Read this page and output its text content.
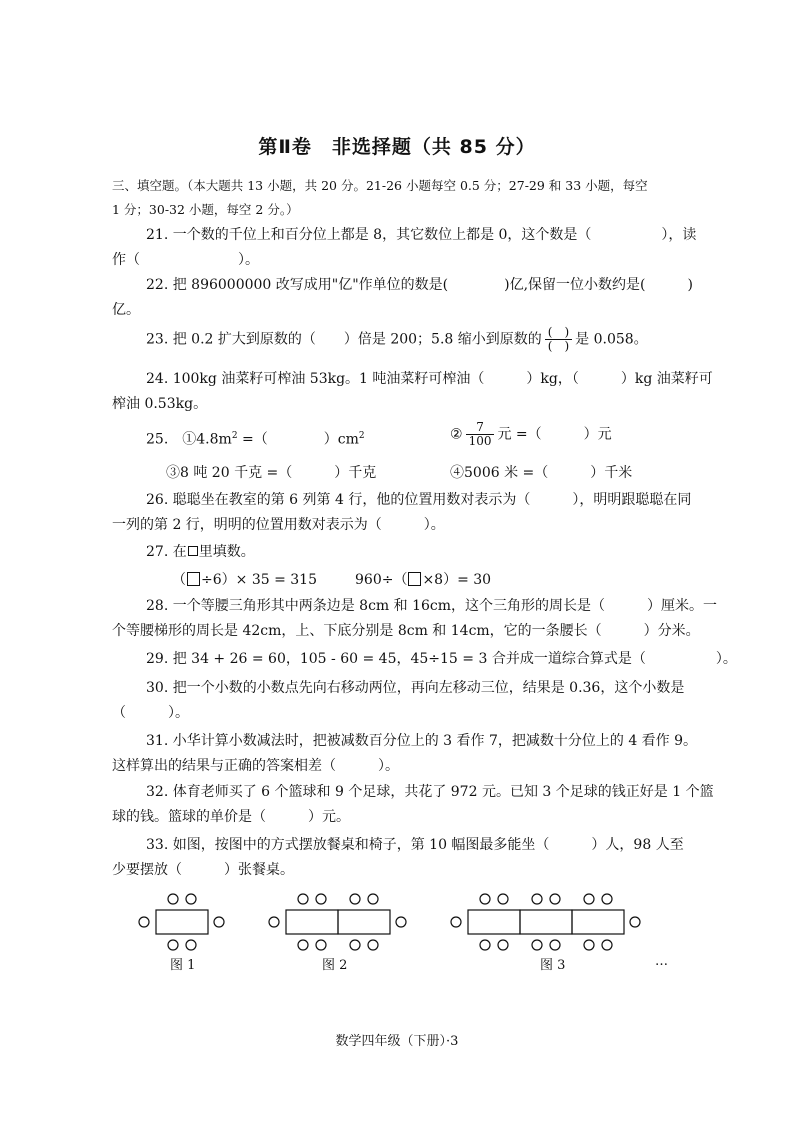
第Ⅱ卷　非选择题（共 85 分）
三、填空题。（本大题共 13 小题，共 20 分。21-26 小题每空 0.5 分；27-29 和 33 小题，每空
1 分；30-32 小题，每空 2 分。）
21. 一个数的千位上和百分位上都是 8，其它数位上都是 0，这个数是（　　　　　），读
作（　　　　　　　）。
22. 把 896000000 改写成用"亿"作单位的数是(　　　　)亿,保留一位小数约是(　　　)
亿。
23. 把 0.2 扩大到原数的（　　）倍是 200；5.8 缩小到原数的 $\frac{( )}{( )}$ 是 0.058。
24. 100kg 油菜籽可榨油 53kg。1 吨油菜籽可榨油（　　　）kg，（　　　）kg 油菜籽可
榨油 0.53kg。
25.　$①4.8m^2$ =（　　　　）$cm^2$	② $\frac{7}{100}$ 元 =（　　　）元
③8 吨 20 千克 =（　　　）千克	④5006 米 =（　　　）千米
26. 聪聪坐在教室的第 6 列第 4 行，他的位置用数对表示为（　　　），明明跟聪聪在同
一列的第 2 行，明明的位置用数对表示为（　　　）。
27. 在 里填数。
（ ÷6）× 35 = 315	960÷（ ×8）= 30
28. 一个等腰三角形其中两条边是 8cm 和 16cm，这个三角形的周长是（　　　）厘米。一
个等腰梯形的周长是 42cm，上、下底分别是 8cm 和 14cm，它的一条腰长（　　　）分米。
29. 把 34 + 26 = 60，105 - 60 = 45，45÷15 = 3 合并成一道综合算式是（　　　　　）。
30. 把一个小数的小数点先向右移动两位，再向左移动三位，结果是 0.36，这个小数是
（　　　）。
31. 小华计算小数减法时，把被减数百分位上的 3 看作 7，把减数十分位上的 4 看作 9。
这样算出的结果与正确的答案相差（　　　）。
32. 体育老师买了 6 个篮球和 9 个足球，共花了 972 元。已知 3 个足球的钱正好是 1 个篮
球的钱。篮球的单价是（　　　）元。
33. 如图，按图中的方式摆放餐桌和椅子，第 10 幅图最多能坐（　　　）人，98 人至
少要摆放（　　　）张餐桌。
图 1	图 2	图 3	…
数学四年级（下册）·3
